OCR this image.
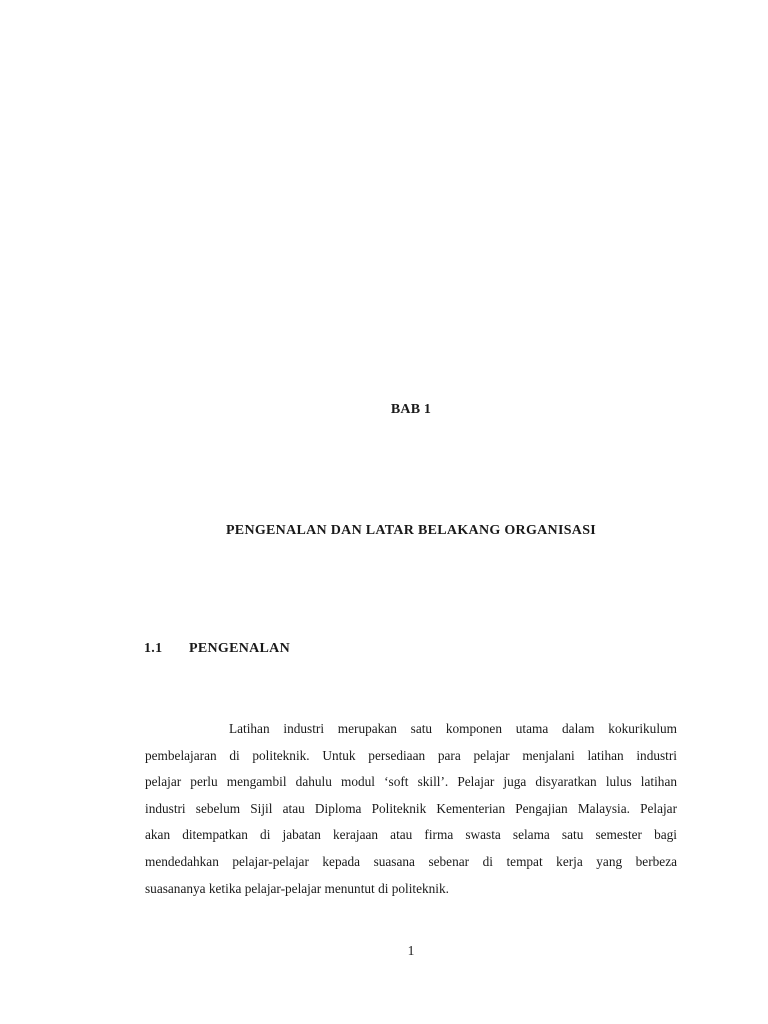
BAB 1
PENGENALAN DAN LATAR BELAKANG ORGANISASI
1.1 PENGENALAN
Latihan industri merupakan satu komponen utama dalam kokurikulum
pembelajaran di politeknik. Untuk persediaan para pelajar menjalani latihan industri
pelajar perlu mengambil dahulu modul ‘soft skill’. Pelajar juga disyaratkan lulus latihan
industri sebelum Sijil atau Diploma Politeknik Kementerian Pengajian Malaysia. Pelajar
akan ditempatkan di jabatan kerajaan atau firma swasta selama satu semester bagi
mendedahkan pelajar-pelajar kepada suasana sebenar di tempat kerja yang berbeza
suasananya ketika pelajar-pelajar menuntut di politeknik.
1
